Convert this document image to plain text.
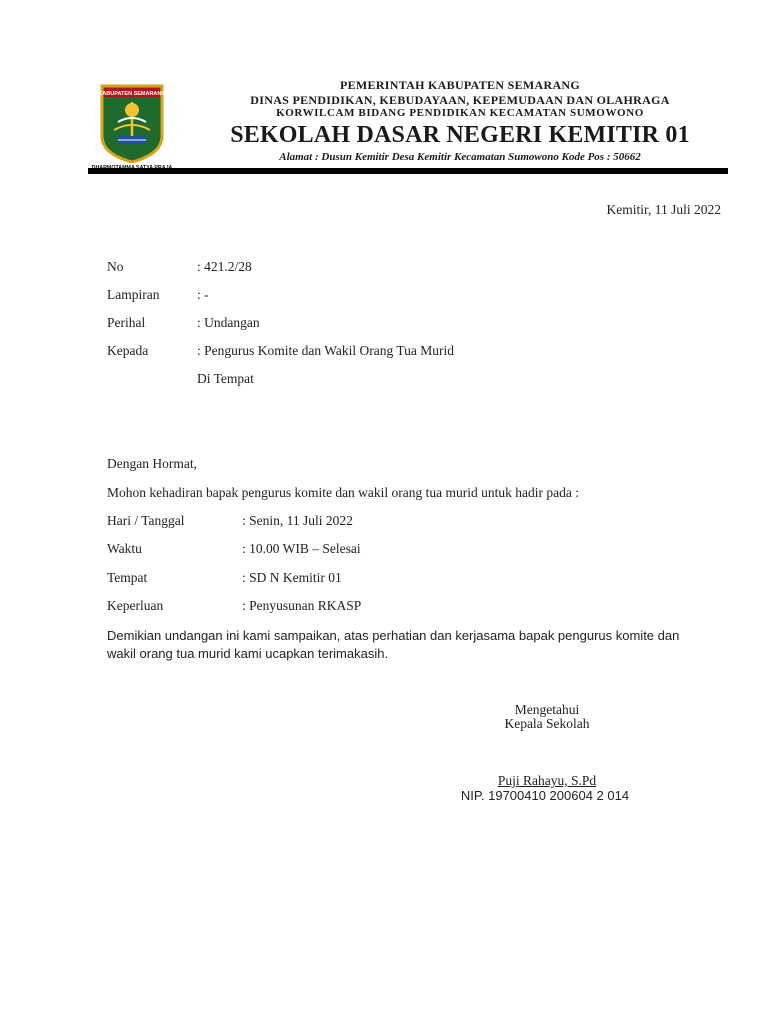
KABUPATEN SEMARANG
PEMERINTAH KABUPATEN SEMARANG
DINAS PENDIDIKAN, KEBUDAYAAN, KEPEMUDAAN DAN OLAHRAGA
KORWILCAM BIDANG PENDIDIKAN KECAMATAN SUMOWONO
SEKOLAH DASAR NEGERI KEMITIR 01
Alamat : Dusun Kemitir Desa Kemitir Kecamatan Sumowono Kode Pos : 50662
Kemitir, 11 Juli 2022
No	: 421.2/28
Lampiran	: -
Perihal	: Undangan
Kepada	: Pengurus Komite dan Wakil Orang Tua Murid
Di Tempat
Dengan Hormat,
Mohon kehadiran bapak pengurus komite dan wakil orang tua murid untuk hadir pada :
Hari / Tanggal	: Senin, 11 Juli 2022
Waktu	: 10.00 WIB – Selesai
Tempat	: SD N Kemitir 01
Keperluan	: Penyusunan RKASP
Demikian undangan ini kami sampaikan, atas perhatian dan kerjasama bapak pengurus komite dan wakil orang tua murid kami ucapkan terimakasih.
Mengetahui
Kepala Sekolah
Puji Rahayu, S.Pd
NIP. 19700410 200604 2 014
